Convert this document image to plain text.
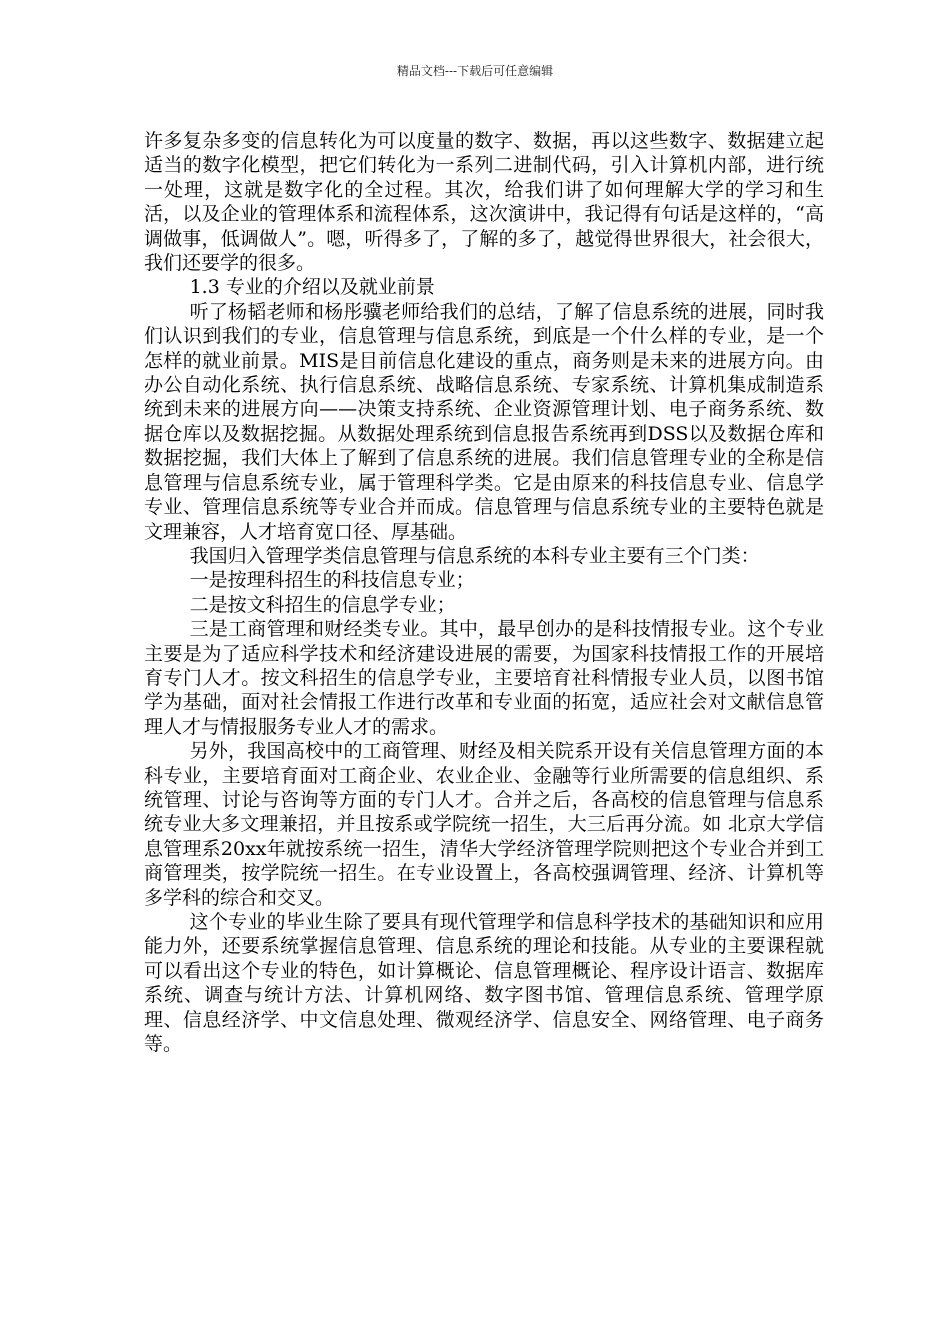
精品文档---下载后可任意编辑

许多复杂多变的信息转化为可以度量的数字、数据，再以这些数字、数据建立起适当的数字化模型，把它们转化为一系列二进制代码，引入计算机内部，进行统一处理，这就是数字化的全过程。其次，给我们讲了如何理解大学的学习和生活，以及企业的管理体系和流程体系，这次演讲中，我记得有句话是这样的，“高调做事，低调做人”。嗯，听得多了，了解的多了，越觉得世界很大，社会很大，我们还要学的很多。

1.3 专业的介绍以及就业前景

听了杨韬老师和杨彤骥老师给我们的总结，了解了信息系统的进展，同时我们认识到我们的专业，信息管理与信息系统，到底是一个什么样的专业，是一个怎样的就业前景。MIS是目前信息化建设的重点，商务则是未来的进展方向。由办公自动化系统、执行信息系统、战略信息系统、专家系统、计算机集成制造系统到未来的进展方向——决策支持系统、企业资源管理计划、电子商务系统、数据仓库以及数据挖掘。从数据处理系统到信息报告系统再到DSS以及数据仓库和数据挖掘，我们大体上了解到了信息系统的进展。我们信息管理专业的全称是信息管理与信息系统专业，属于管理科学类。它是由原来的科技信息专业、信息学专业、管理信息系统等专业合并而成。信息管理与信息系统专业的主要特色就是文理兼容，人才培育宽口径、厚基础。

我国归入管理学类信息管理与信息系统的本科专业主要有三个门类：

一是按理科招生的科技信息专业；

二是按文科招生的信息学专业；

三是工商管理和财经类专业。其中，最早创办的是科技情报专业。这个专业主要是为了适应科学技术和经济建设进展的需要，为国家科技情报工作的开展培育专门人才。按文科招生的信息学专业，主要培育社科情报专业人员，以图书馆学为基础，面对社会情报工作进行改革和专业面的拓宽，适应社会对文献信息管理人才与情报服务专业人才的需求。

另外，我国高校中的工商管理、财经及相关院系开设有关信息管理方面的本科专业，主要培育面对工商企业、农业企业、金融等行业所需要的信息组织、系统管理、讨论与咨询等方面的专门人才。合并之后，各高校的信息管理与信息系统专业大多文理兼招，并且按系或学院统一招生，大三后再分流。如 北京大学信息管理系20xx年就按系统一招生，清华大学经济管理学院则把这个专业合并到工商管理类，按学院统一招生。在专业设置上，各高校强调管理、经济、计算机等多学科的综合和交叉。

这个专业的毕业生除了要具有现代管理学和信息科学技术的基础知识和应用能力外，还要系统掌握信息管理、信息系统的理论和技能。从专业的主要课程就可以看出这个专业的特色，如计算概论、信息管理概论、程序设计语言、数据库系统、调查与统计方法、计算机网络、数字图书馆、管理信息系统、管理学原理、信息经济学、中文信息处理、微观经济学、信息安全、网络管理、电子商务等。
